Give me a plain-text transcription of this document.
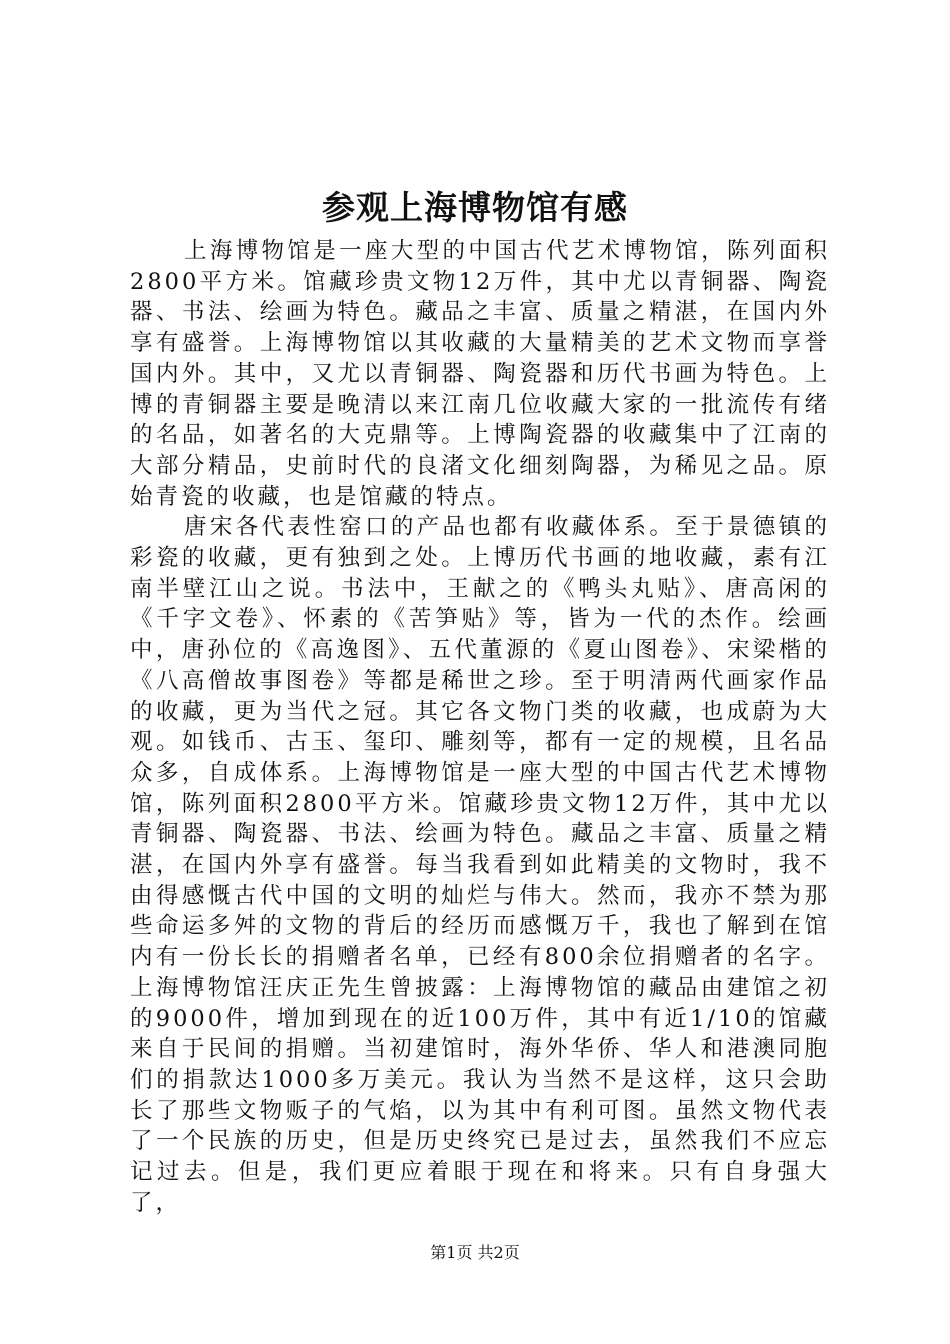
参观上海博物馆有感

上海博物馆是一座大型的中国古代艺术博物馆，陈列面积2800平方米。馆藏珍贵文物12万件，其中尤以青铜器、陶瓷器、书法、绘画为特色。藏品之丰富、质量之精湛，在国内外享有盛誉。上海博物馆以其收藏的大量精美的艺术文物而享誉国内外。其中，又尤以青铜器、陶瓷器和历代书画为特色。上博的青铜器主要是晚清以来江南几位收藏大家的一批流传有绪的名品，如著名的大克鼎等。上博陶瓷器的收藏集中了江南的大部分精品，史前时代的良渚文化细刻陶器，为稀见之品。原始青瓷的收藏，也是馆藏的特点。

唐宋各代表性窑口的产品也都有收藏体系。至于景德镇的彩瓷的收藏，更有独到之处。上博历代书画的地收藏，素有江南半壁江山之说。书法中，王献之的《鸭头丸贴》、唐高闲的《千字文卷》、怀素的《苦笋贴》等，皆为一代的杰作。绘画中，唐孙位的《高逸图》、五代董源的《夏山图卷》、宋梁楷的《八高僧故事图卷》等都是稀世之珍。至于明清两代画家作品的收藏，更为当代之冠。其它各文物门类的收藏，也成蔚为大观。如钱币、古玉、玺印、雕刻等，都有一定的规模，且名品众多，自成体系。上海博物馆是一座大型的中国古代艺术博物馆，陈列面积2800平方米。馆藏珍贵文物12万件，其中尤以青铜器、陶瓷器、书法、绘画为特色。藏品之丰富、质量之精湛，在国内外享有盛誉。每当我看到如此精美的文物时，我不由得感慨古代中国的文明的灿烂与伟大。然而，我亦不禁为那些命运多舛的文物的背后的经历而感慨万千，我也了解到在馆内有一份长长的捐赠者名单，已经有800余位捐赠者的名字。上海博物馆汪庆正先生曾披露：上海博物馆的藏品由建馆之初的9000件，增加到现在的近100万件，其中有近1/10的馆藏来自于民间的捐赠。当初建馆时，海外华侨、华人和港澳同胞们的捐款达1000多万美元。我认为当然不是这样，这只会助长了那些文物贩子的气焰，以为其中有利可图。虽然文物代表了一个民族的历史，但是历史终究已是过去，虽然我们不应忘记过去。但是，我们更应着眼于现在和将来。只有自身强大了，

第1页 共2页
